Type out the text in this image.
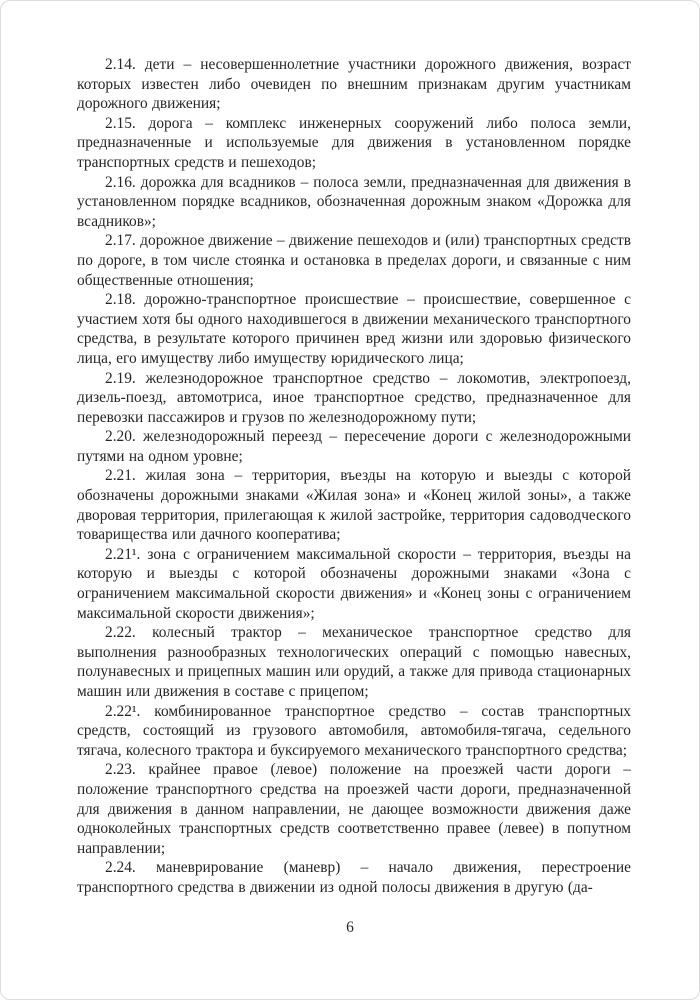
2.14. дети – несовершеннолетние участники дорожного движения, возраст которых известен либо очевиден по внешним признакам другим участникам дорожного движения;

2.15. дорога – комплекс инженерных сооружений либо полоса земли, предназначенные и используемые для движения в установленном порядке транспортных средств и пешеходов;

2.16. дорожка для всадников – полоса земли, предназначенная для движения в установленном порядке всадников, обозначенная дорожным знаком «Дорожка для всадников»;

2.17. дорожное движение – движение пешеходов и (или) транспортных средств по дороге, в том числе стоянка и остановка в пределах дороги, и связанные с ним общественные отношения;

2.18. дорожно-транспортное происшествие – происшествие, совершенное с участием хотя бы одного находившегося в движении механического транспортного средства, в результате которого причинен вред жизни или здоровью физического лица, его имуществу либо имуществу юридического лица;

2.19. железнодорожное транспортное средство – локомотив, электропоезд, дизель-поезд, автомотриса, иное транспортное средство, предназначенное для перевозки пассажиров и грузов по железнодорожному пути;

2.20. железнодорожный переезд – пересечение дороги с железнодорожными путями на одном уровне;

2.21. жилая зона – территория, въезды на которую и выезды с которой обозначены дорожными знаками «Жилая зона» и «Конец жилой зоны», а также дворовая территория, прилегающая к жилой застройке, территория садоводческого товарищества или дачного кооператива;

2.21¹. зона с ограничением максимальной скорости – территория, въезды на которую и выезды с которой обозначены дорожными знаками «Зона с ограничением максимальной скорости движения» и «Конец зоны с ограничением максимальной скорости движения»;

2.22. колесный трактор – механическое транспортное средство для выполнения разнообразных технологических операций с помощью навесных, полунавесных и прицепных машин или орудий, а также для привода стационарных машин или движения в составе с прицепом;

2.22¹. комбинированное транспортное средство – состав транспортных средств, состоящий из грузового автомобиля, автомобиля-тягача, седельного тягача, колесного трактора и буксируемого механического транспортного средства;

2.23. крайнее правое (левое) положение на проезжей части дороги – положение транспортного средства на проезжей части дороги, предназначенной для движения в данном направлении, не дающее возможности движения даже одноколейных транспортных средств соответственно правее (левее) в попутном направлении;

2.24. маневрирование (маневр) – начало движения, перестроение транспортного средства в движении из одной полосы движения в другую (да-

6
